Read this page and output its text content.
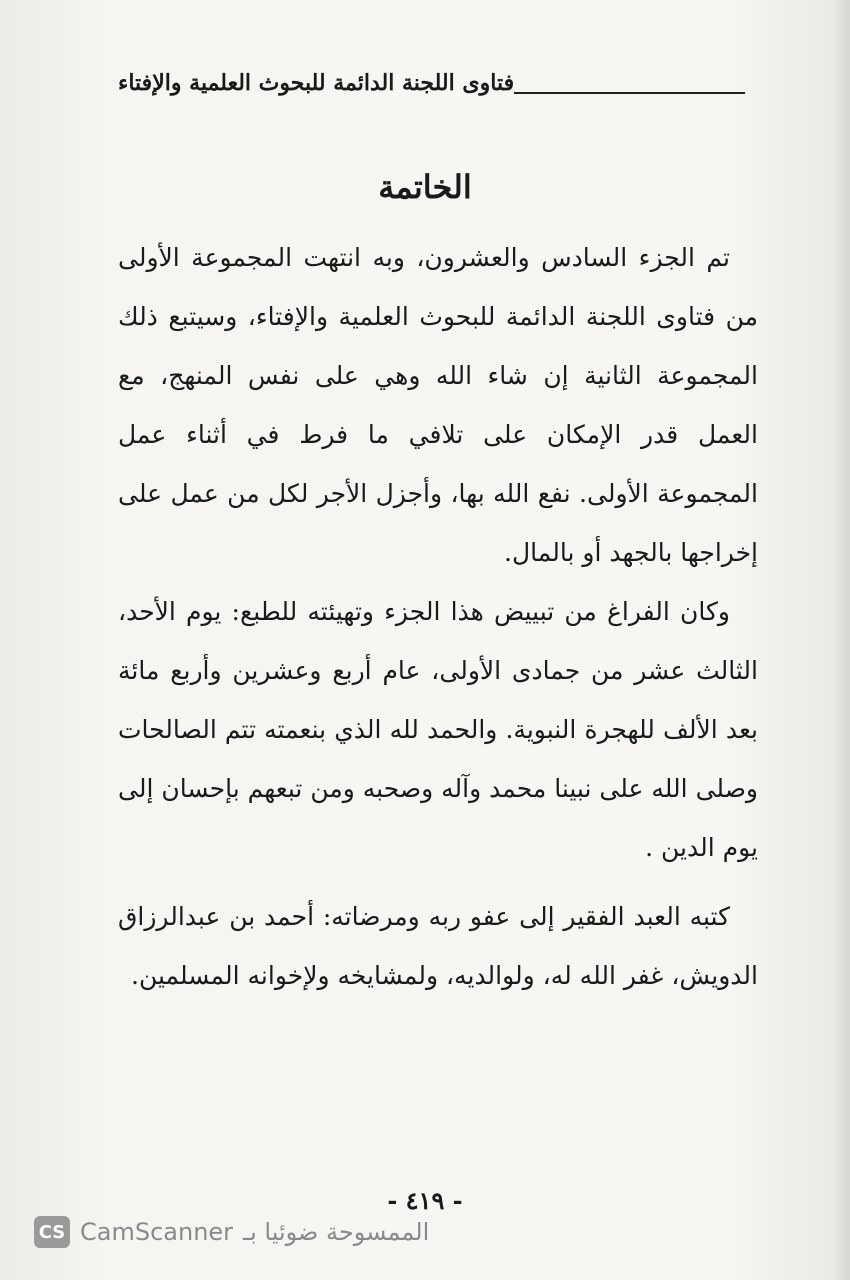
فتاوى اللجنة الدائمة للبحوث العلمية والإفتاء
الخاتمة

تم الجزء السادس والعشرون، وبه انتهت المجموعة الأولى من فتاوى اللجنة الدائمة للبحوث العلمية والإفتاء، وسيتبع ذلك المجموعة الثانية إن شاء الله وهي على نفس المنهج، مع العمل قدر الإمكان على تلافي ما فرط في أثناء عمل المجموعة الأولى. نفع الله بها، وأجزل الأجر لكل من عمل على إخراجها بالجهد أو بالمال.

وكان الفراغ من تبييض هذا الجزء وتهيئته للطبع: يوم الأحد، الثالث عشر من جمادى الأولى، عام أربع وعشرين وأربع مائة بعد الألف للهجرة النبوية. والحمد لله الذي بنعمته تتم الصالحات وصلى الله على نبينا محمد وآله وصحبه ومن تبعهم بإحسان إلى يوم الدين .

كتبه العبد الفقير إلى عفو ربه ومرضاته: أحمد بن عبدالرزاق الدويش، غفر الله له، ولوالديه، ولمشايخه ولإخوانه المسلمين.

- ٤١٩ -
CS CamScanner الممسوحة ضوئيا بـ
